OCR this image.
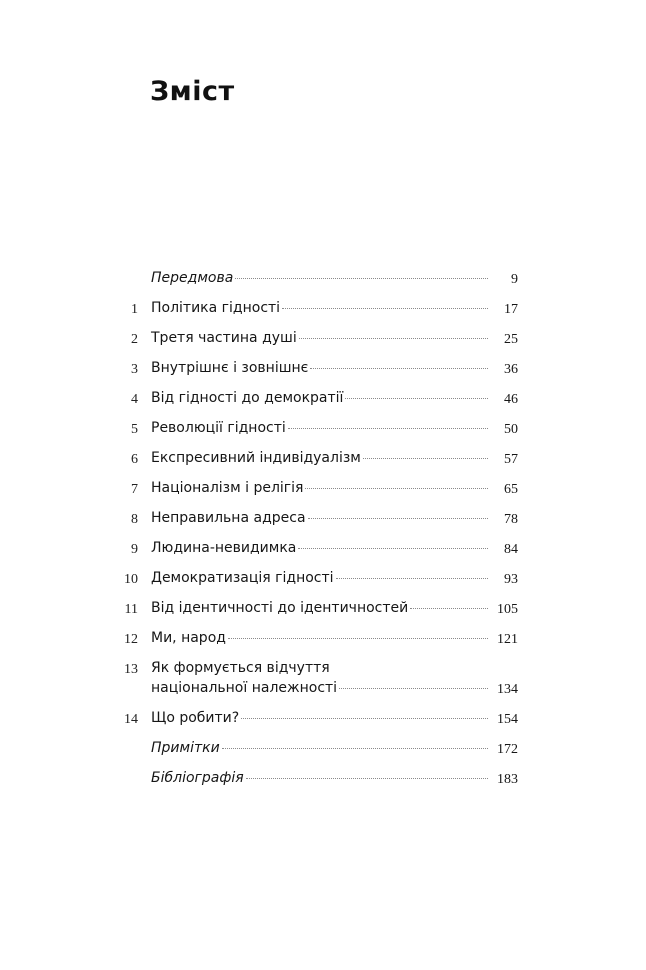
Зміст
Передмова	9
1 Політика гідності	17
2 Третя частина душі	25
3 Внутрішнє і зовнішнє	36
4 Від гідності до демократії	46
5 Революції гідності	50
6 Експресивний індивідуалізм	57
7 Націоналізм і релігія	65
8 Неправильна адреса	78
9 Людина-невидимка	84
10 Демократизація гідності	93
11 Від ідентичності до ідентичностей	105
12 Ми, народ	121
13 Як формується відчуття
національної належності	134
14 Що робити?	154
Примітки	172
Бібліографія	183
